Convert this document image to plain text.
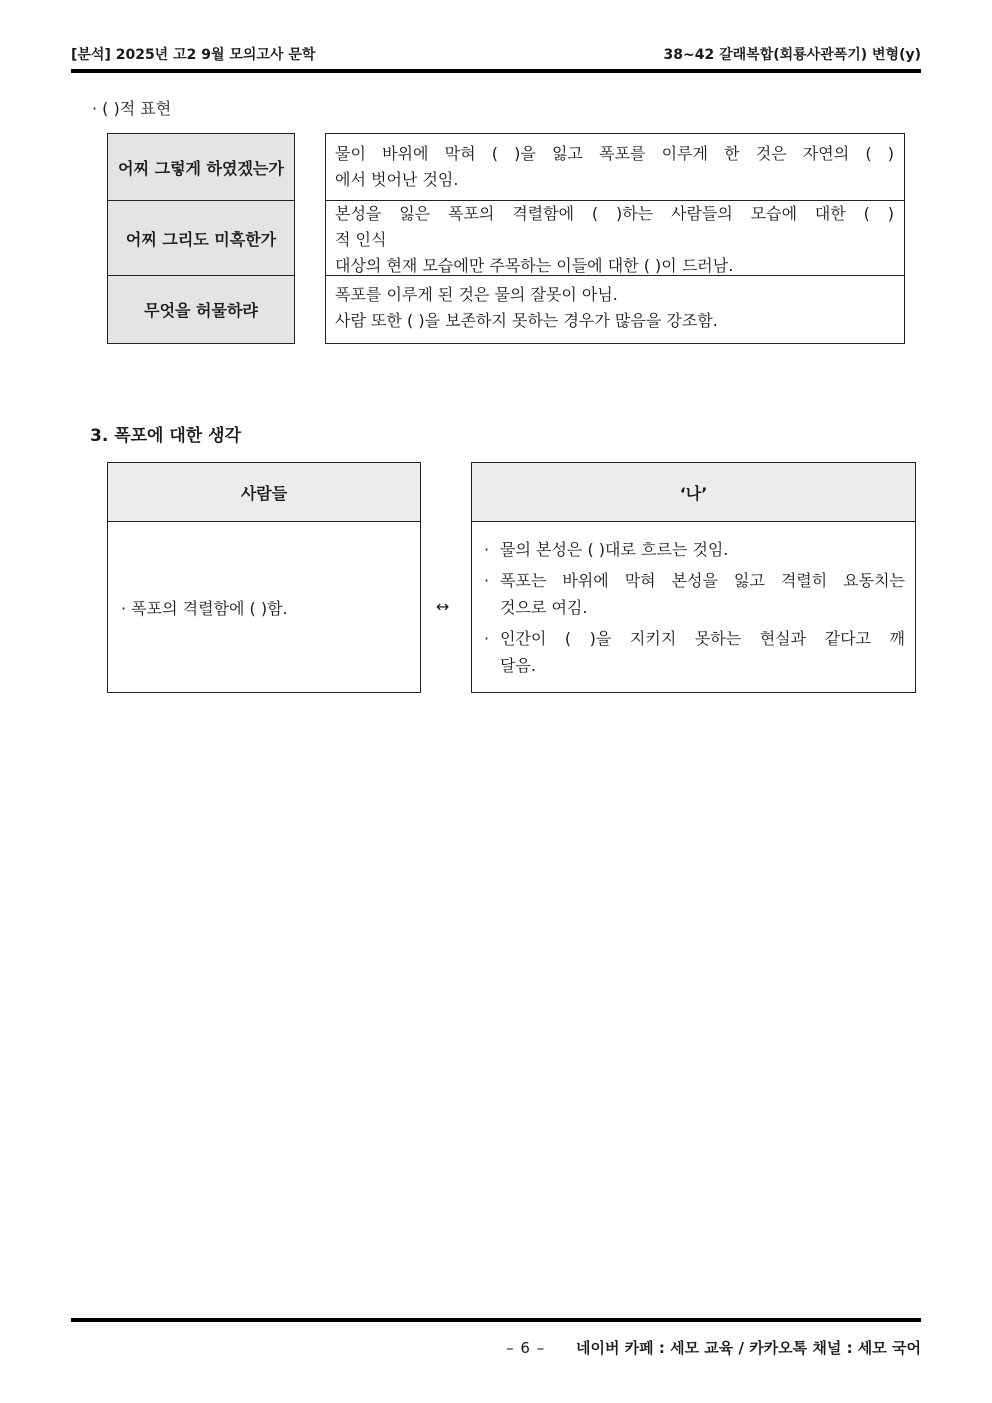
[분석] 2025년 고2 9월 모의고사 문학	38~42 갈래복합(회룡사관폭기) 변형(y)
· ( )적 표현
어찌 그렇게 하였겠는가
물이 바위에 막혀 ( )을 잃고 폭포를 이루게 한 것은 자연의 ( )
에서 벗어난 것임.
어찌 그리도 미혹한가
본성을 잃은 폭포의 격렬함에 ( )하는 사람들의 모습에 대한 ( )
적 인식
대상의 현재 모습에만 주목하는 이들에 대한 ( )이 드러남.
무엇을 허물하랴
폭포를 이루게 된 것은 물의 잘못이 아님.
사람 또한 ( )을 보존하지 못하는 경우가 많음을 강조함.
3. 폭포에 대한 생각
사람들
· 폭포의 격렬함에 ( )함.	↔
‘나’
· 물의 본성은 ( )대로 흐르는 것임.
· 폭포는 바위에 막혀 본성을 잃고 격렬히 요동치는
것으로 여김.
· 인간이 ( )을 지키지 못하는 현실과 같다고 깨
달음.
– 6 – 네이버 카페 : 세모 교육 / 카카오톡 채널 : 세모 국어
